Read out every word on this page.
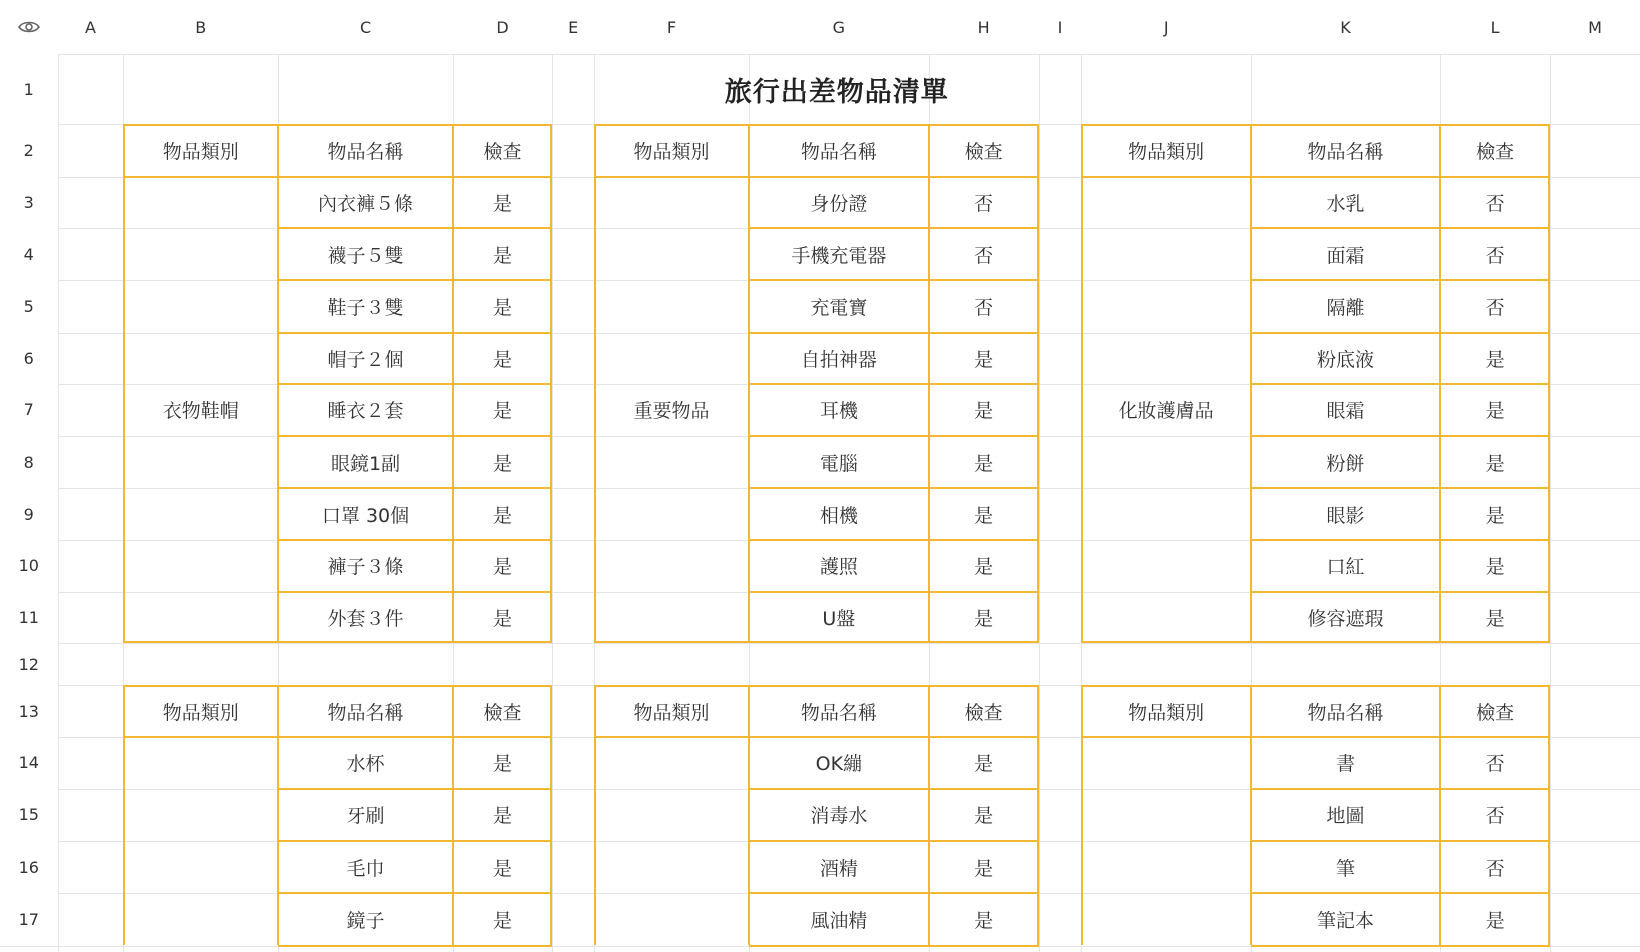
A	B	C	D	E	F	G	H	I	J	K	L	M
1
2
3
4
5
6
7
8
9
10
11
12
13
14
15
16
17
旅行出差物品清單
物品類別	物品名稱	檢查
衣物鞋帽
內衣褲５條	是
襪子５雙	是
鞋子３雙	是
帽子２個	是
睡衣２套	是
眼鏡1副	是
口罩 30個	是
褲子３條	是
外套３件	是
物品類別	物品名稱	檢查
重要物品
身份證	否
手機充電器	否
充電寶	否
自拍神器	是
耳機	是
電腦	是
相機	是
護照	是
U盤	是
物品類別	物品名稱	檢查
化妝護膚品
水乳	否
面霜	否
隔離	否
粉底液	是
眼霜	是
粉餅	是
眼影	是
口紅	是
修容遮瑕	是
物品類別	物品名稱	檢查
水杯	是
牙刷	是
毛巾	是
鏡子	是
物品類別	物品名稱	檢查
OK繃	是
消毒水	是
酒精	是
風油精	是
物品類別	物品名稱	檢查
書	否
地圖	否
筆	否
筆記本	是
